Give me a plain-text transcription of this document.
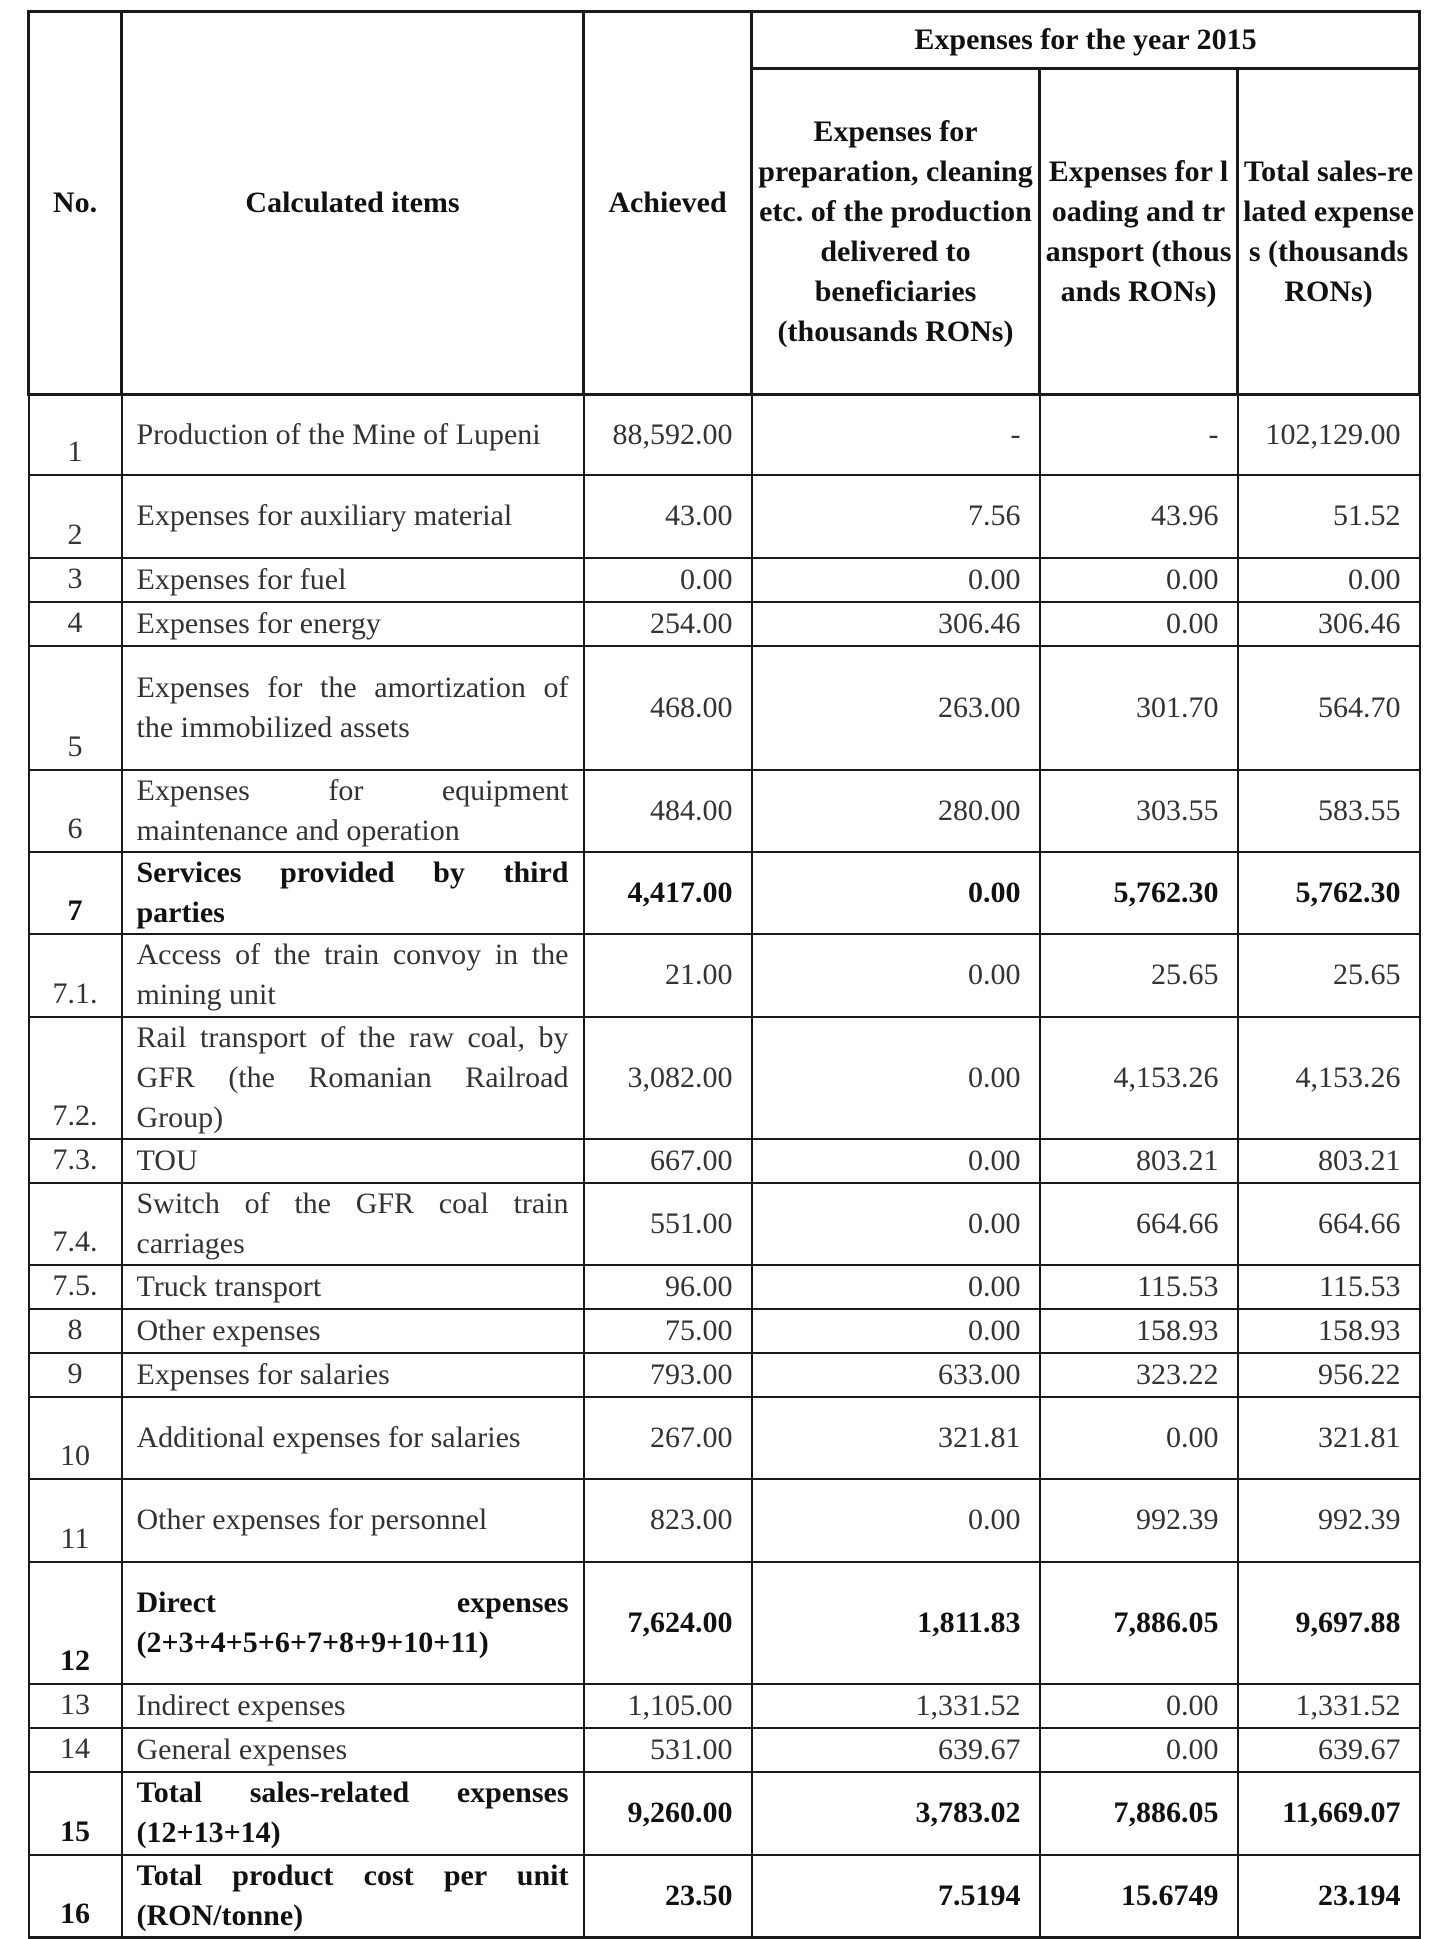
No.	Calculated items	Achieved	Expenses for the year 2015		
			Expenses for preparation, cleaning etc. of the production delivered to beneficiaries (thousands RONs)	Expenses for loading and transport (thousands RONs)	Total sales-related expenses (thousands RONs)
1	Production of the Mine of Lupeni	88,592.00	-	-	102,129.00
2	Expenses for auxiliary material	43.00	7.56	43.96	51.52
3	Expenses for fuel	0.00	0.00	0.00	0.00
4	Expenses for energy	254.00	306.46	0.00	306.46
5	Expenses for the amortization of the immobilized assets	468.00	263.00	301.70	564.70
6	Expenses for equipment maintenance and operation	484.00	280.00	303.55	583.55
7	Services provided by third parties	4,417.00	0.00	5,762.30	5,762.30
7.1.	Access of the train convoy in the mining unit	21.00	0.00	25.65	25.65
7.2.	Rail transport of the raw coal, by GFR (the Romanian Railroad Group)	3,082.00	0.00	4,153.26	4,153.26
7.3.	TOU	667.00	0.00	803.21	803.21
7.4.	Switch of the GFR coal train carriages	551.00	0.00	664.66	664.66
7.5.	Truck transport	96.00	0.00	115.53	115.53
8	Other expenses	75.00	0.00	158.93	158.93
9	Expenses for salaries	793.00	633.00	323.22	956.22
10	Additional expenses for salaries	267.00	321.81	0.00	321.81
11	Other expenses for personnel	823.00	0.00	992.39	992.39
12	Direct expenses (2+3+4+5+6+7+8+9+10+11)	7,624.00	1,811.83	7,886.05	9,697.88
13	Indirect expenses	1,105.00	1,331.52	0.00	1,331.52
14	General expenses	531.00	639.67	0.00	639.67
15	Total sales-related expenses (12+13+14)	9,260.00	3,783.02	7,886.05	11,669.07
16	Total product cost per unit (RON/tonne)	23.50	7.5194	15.6749	23.194
